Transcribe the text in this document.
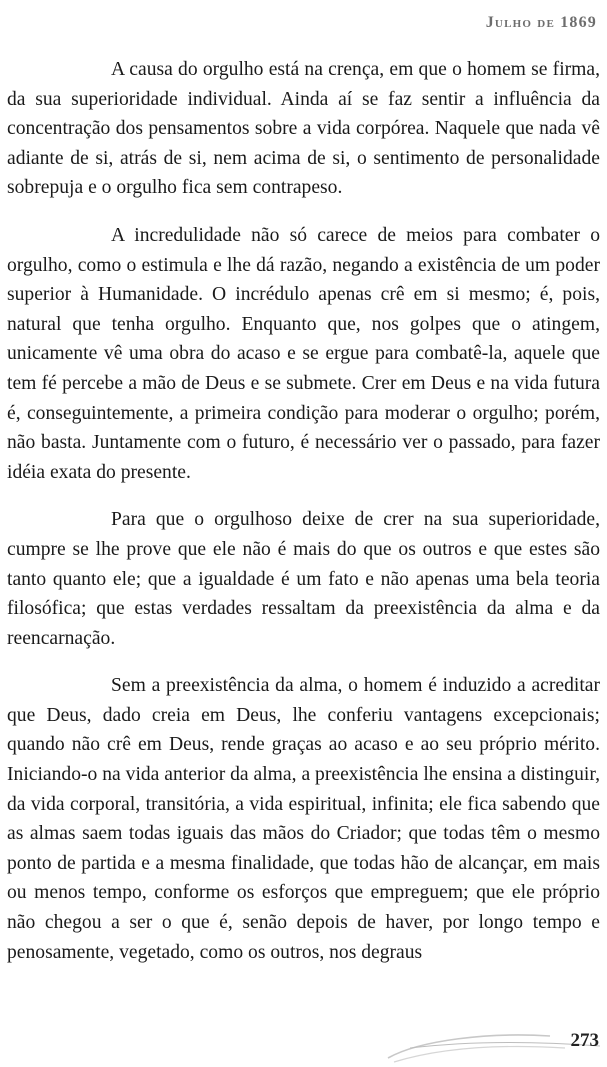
Julho de 1869

A causa do orgulho está na crença, em que o homem se firma, da sua superioridade individual. Ainda aí se faz sentir a influência da concentração dos pensamentos sobre a vida corpórea. Naquele que nada vê adiante de si, atrás de si, nem acima de si, o sentimento de personalidade sobrepuja e o orgulho fica sem contrapeso.

A incredulidade não só carece de meios para combater o orgulho, como o estimula e lhe dá razão, negando a existência de um poder superior à Humanidade. O incrédulo apenas crê em si mesmo; é, pois, natural que tenha orgulho. Enquanto que, nos golpes que o atingem, unicamente vê uma obra do acaso e se ergue para combatê-la, aquele que tem fé percebe a mão de Deus e se submete. Crer em Deus e na vida futura é, conseguintemente, a primeira condição para moderar o orgulho; porém, não basta. Juntamente com o futuro, é necessário ver o passado, para fazer idéia exata do presente.

Para que o orgulhoso deixe de crer na sua superioridade, cumpre se lhe prove que ele não é mais do que os outros e que estes são tanto quanto ele; que a igualdade é um fato e não apenas uma bela teoria filosófica; que estas verdades ressaltam da preexistência da alma e da reencarnação.

Sem a preexistência da alma, o homem é induzido a acreditar que Deus, dado creia em Deus, lhe conferiu vantagens excepcionais; quando não crê em Deus, rende graças ao acaso e ao seu próprio mérito. Iniciando-o na vida anterior da alma, a preexistência lhe ensina a distinguir, da vida corporal, transitória, a vida espiritual, infinita; ele fica sabendo que as almas saem todas iguais das mãos do Criador; que todas têm o mesmo ponto de partida e a mesma finalidade, que todas hão de alcançar, em mais ou menos tempo, conforme os esforços que empreguem; que ele próprio não chegou a ser o que é, senão depois de haver, por longo tempo e penosamente, vegetado, como os outros, nos degraus

273
